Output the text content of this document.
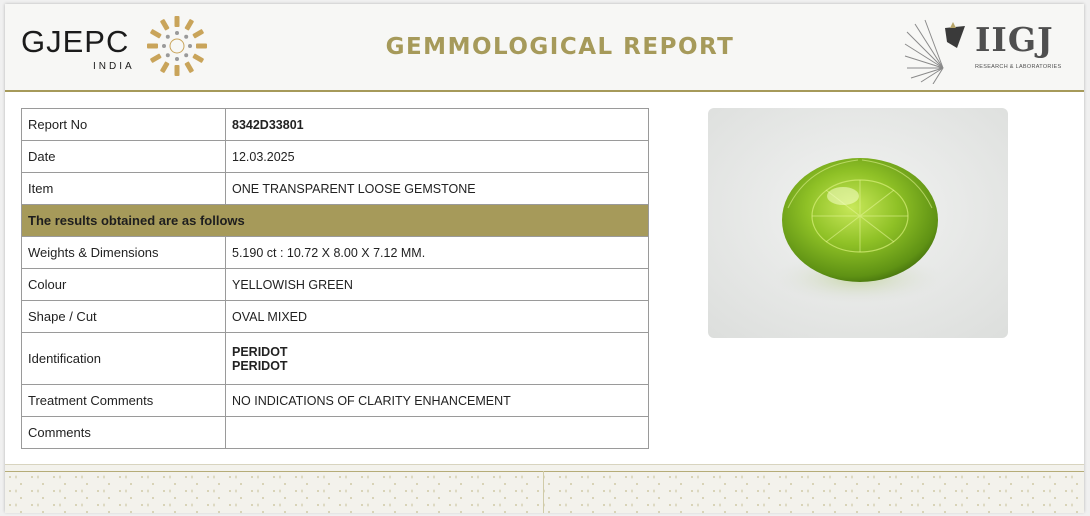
GJEPC
INDIA
GEMMOLOGICAL REPORT	IIGJ
RESEARCH & LABORATORIES
Report No	8342D33801
Date	12.03.2025
Item	ONE TRANSPARENT LOOSE GEMSTONE
The results obtained are as follows	
Weights & Dimensions	5.190 ct : 10.72 X 8.00 X 7.12 MM.
Colour	YELLOWISH GREEN
Shape / Cut	OVAL MIXED
Identification	PERIDOT
PERIDOT

Treatment Comments	NO INDICATIONS OF CLARITY ENHANCEMENT
Comments	
